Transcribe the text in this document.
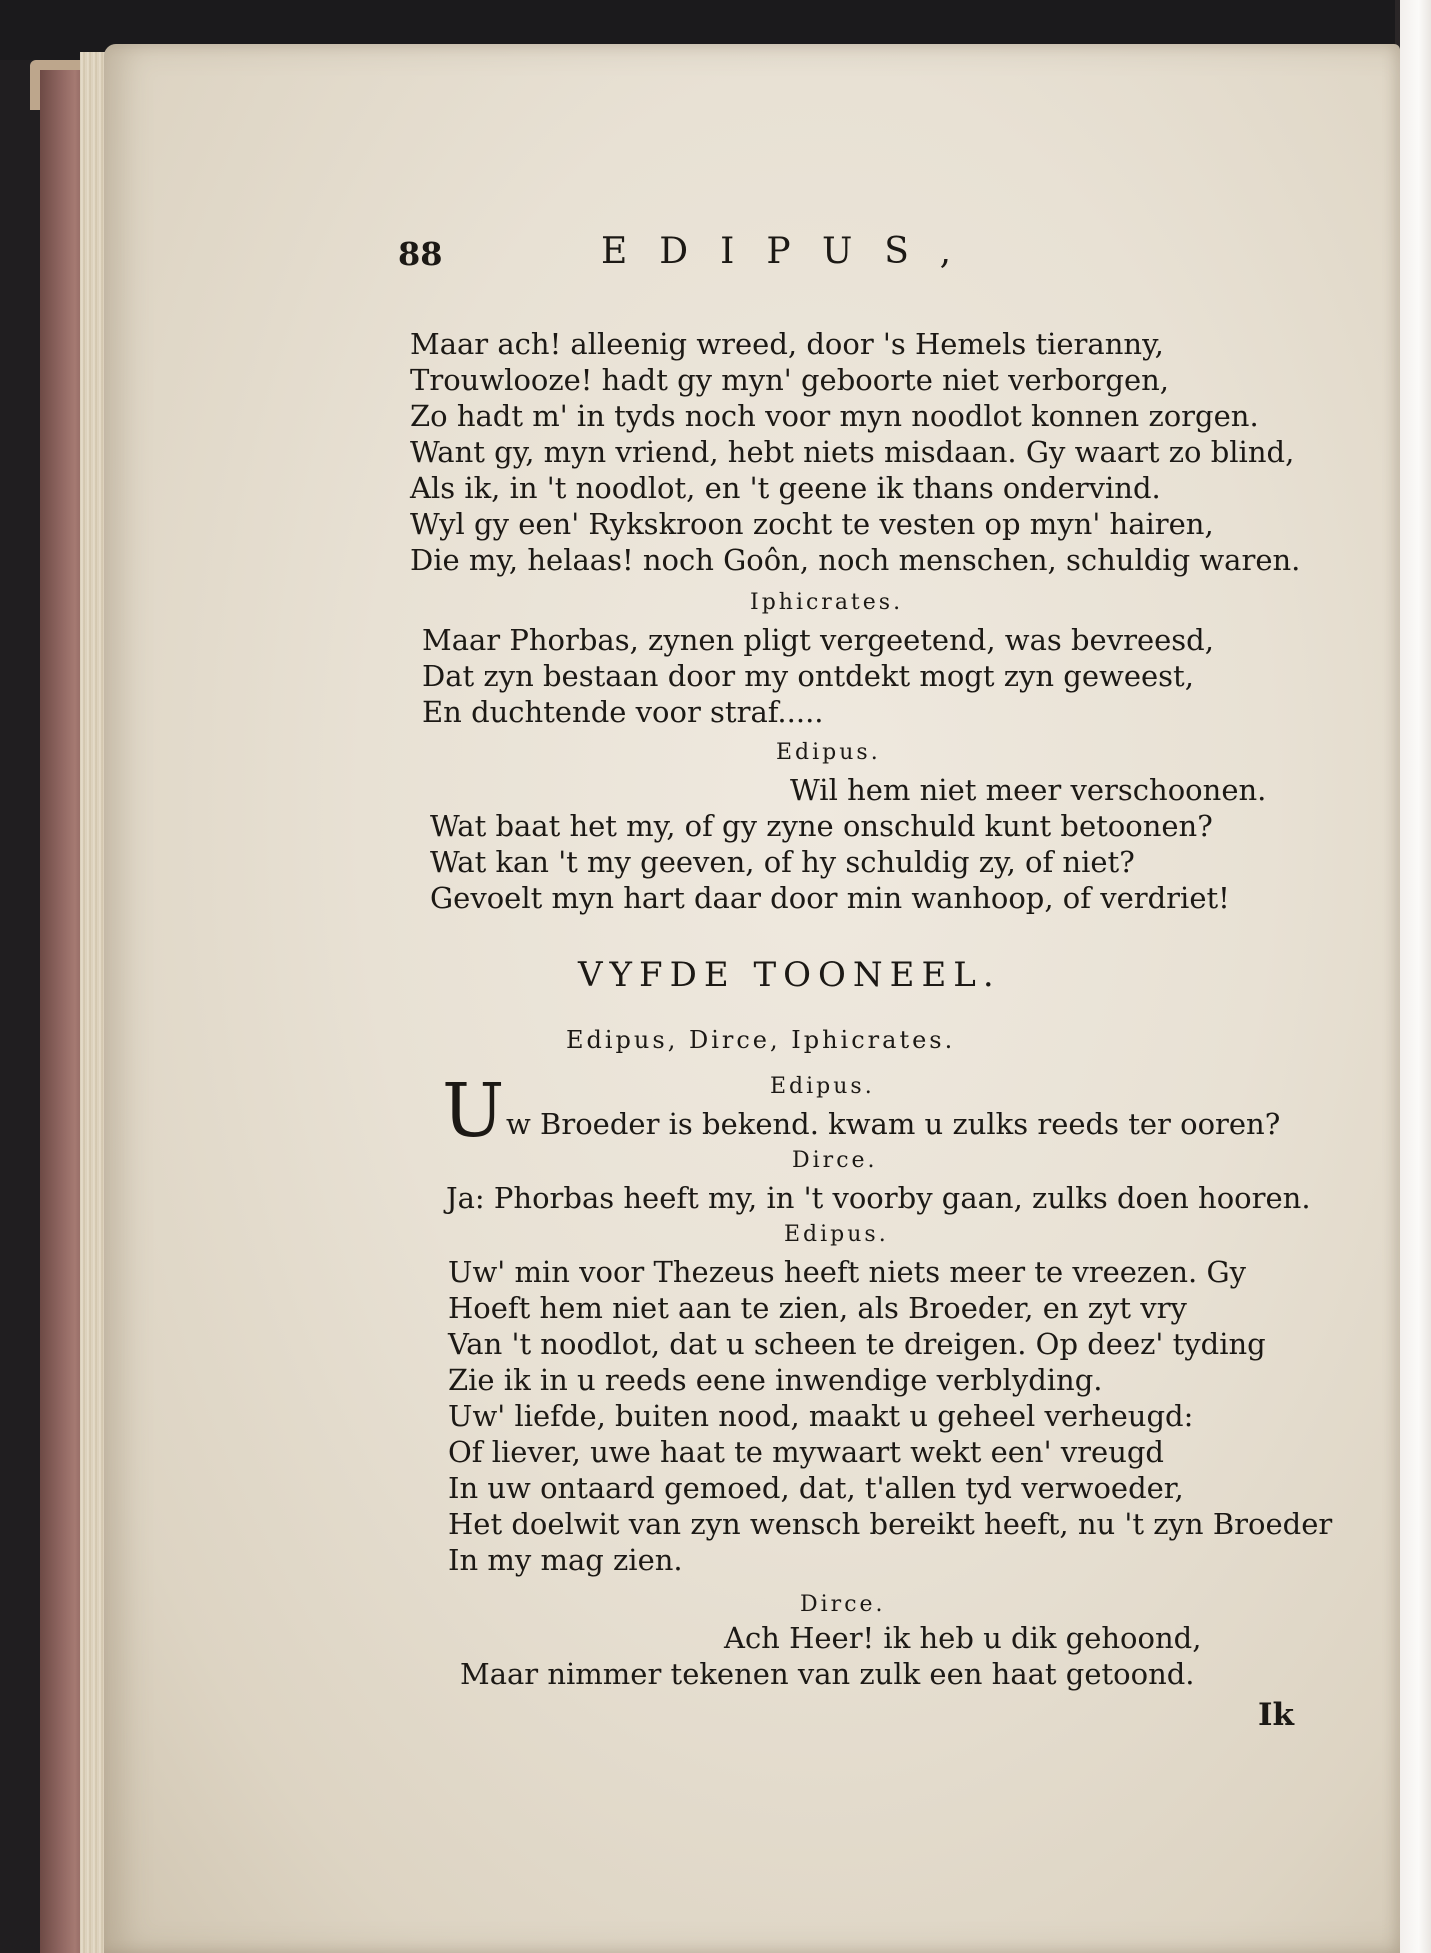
88	EDIPUS,
Maar ach! alleenig wreed, door 's Hemels tieranny,
Trouwlooze! hadt gy myn' geboorte niet verborgen,
Zo hadt m' in tyds noch voor myn noodlot konnen zorgen.
Want gy, myn vriend, hebt niets misdaan. Gy waart zo blind,
Als ik, in 't noodlot, en 't geene ik thans ondervind.
Wyl gy een' Rykskroon zocht te vesten op myn' hairen,
Die my, helaas! noch Goôn, noch menschen, schuldig waren.
Iphicrates.
Maar Phorbas, zynen pligt vergeetend, was bevreesd,
Dat zyn bestaan door my ontdekt mogt zyn geweest,
En duchtende voor straf.....
Edipus.
Wil hem niet meer verschoonen.
Wat baat het my, of gy zyne onschuld kunt betoonen?
Wat kan 't my geeven, of hy schuldig zy, of niet?
Gevoelt myn hart daar door min wanhoop, of verdriet!
VYFDE TOONEEL.
Edipus, Dirce, Iphicrates.
Edipus.
U w Broeder is bekend. kwam u zulks reeds ter ooren?
Dirce.
Ja: Phorbas heeft my, in 't voorby gaan, zulks doen hooren.
Edipus.
Uw' min voor Thezeus heeft niets meer te vreezen. Gy
Hoeft hem niet aan te zien, als Broeder, en zyt vry
Van 't noodlot, dat u scheen te dreigen. Op deez' tyding
Zie ik in u reeds eene inwendige verblyding.
Uw' liefde, buiten nood, maakt u geheel verheugd:
Of liever, uwe haat te mywaart wekt een' vreugd
In uw ontaard gemoed, dat, t'allen tyd verwoeder,
Het doelwit van zyn wensch bereikt heeft, nu 't zyn Broeder
In my mag zien.
Dirce.
Ach Heer! ik heb u dik gehoond,
Maar nimmer tekenen van zulk een haat getoond.
Ik
